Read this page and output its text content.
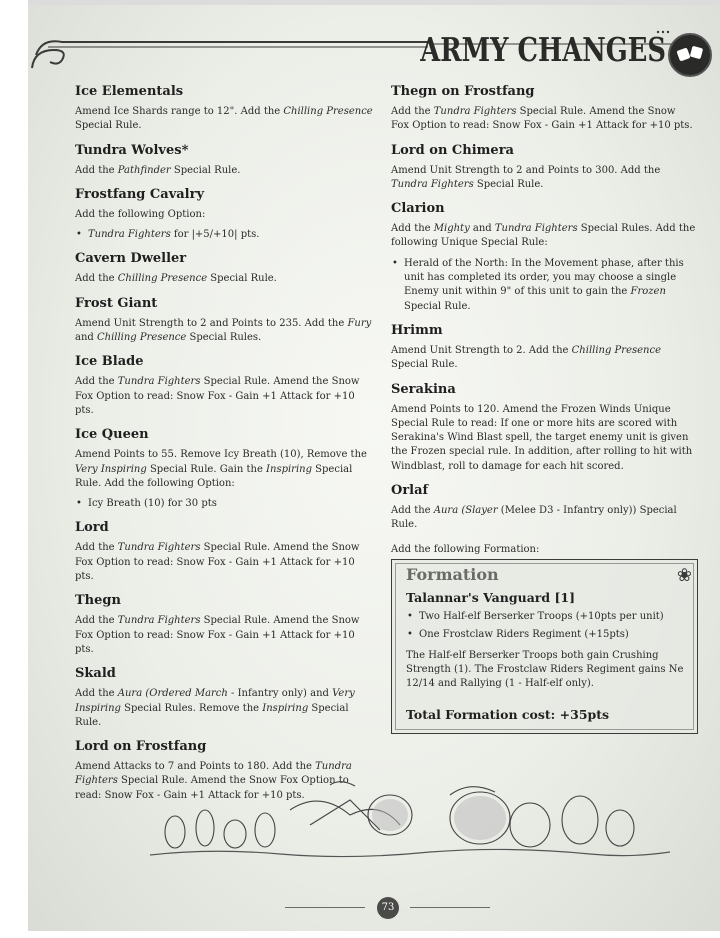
ARMY CHANGES
Ice Elementals
Amend Ice Shards range to 12". Add the Chilling Presence Special Rule.
Tundra Wolves*
Add the Pathfinder Special Rule.
Frostfang Cavalry
Add the following Option:
• Tundra Fighters for |+5/+10| pts.
Cavern Dweller
Add the Chilling Presence Special Rule.
Frost Giant
Amend Unit Strength to 2 and Points to 235. Add the Fury and Chilling Presence Special Rules.
Ice Blade
Add the Tundra Fighters Special Rule. Amend the Snow Fox Option to read: Snow Fox - Gain +1 Attack for +10 pts.
Ice Queen
Amend Points to 55. Remove Icy Breath (10), Remove the Very Inspiring Special Rule. Gain the Inspiring Special Rule. Add the following Option:
• Icy Breath (10) for 30 pts
Lord
Add the Tundra Fighters Special Rule. Amend the Snow Fox Option to read: Snow Fox - Gain +1 Attack for +10 pts.
Thegn
Add the Tundra Fighters Special Rule. Amend the Snow Fox Option to read: Snow Fox - Gain +1 Attack for +10 pts.
Skald
Add the Aura (Ordered March - Infantry only) and Very Inspiring Special Rules. Remove the Inspiring Special Rule.
Lord on Frostfang
Amend Attacks to 7 and Points to 180. Add the Tundra Fighters Special Rule. Amend the Snow Fox Option to read: Snow Fox - Gain +1 Attack for +10 pts.
Thegn on Frostfang
Add the Tundra Fighters Special Rule. Amend the Snow Fox Option to read: Snow Fox - Gain +1 Attack for +10 pts.
Lord on Chimera
Amend Unit Strength to 2 and Points to 300. Add the Tundra Fighters Special Rule.
Clarion
Add the Mighty and Tundra Fighters Special Rules. Add the following Unique Special Rule:
• Herald of the North: In the Movement phase, after this unit has completed its order, you may choose a single Enemy unit within 9" of this unit to gain the Frozen Special Rule.
Hrimm
Amend Unit Strength to 2. Add the Chilling Presence Special Rule.
Serakina
Amend Points to 120. Amend the Frozen Winds Unique Special Rule to read: If one or more hits are scored with Serakina's Wind Blast spell, the target enemy unit is given the Frozen special rule. In addition, after rolling to hit with Windblast, roll to damage for each hit scored.
Orlaf
Add the Aura (Slayer (Melee D3 - Infantry only)) Special Rule.
Add the following Formation:
❀
Formation
Talannar's Vanguard [1]
• Two Half-elf Berserker Troops (+10pts per unit)
• One Frostclaw Riders Regiment (+15pts)
The Half-elf Berserker Troops both gain Crushing Strength (1). The Frostclaw Riders Regiment gains Ne 12/14 and Rallying (1 - Half-elf only).
Total Formation cost: +35pts
73
